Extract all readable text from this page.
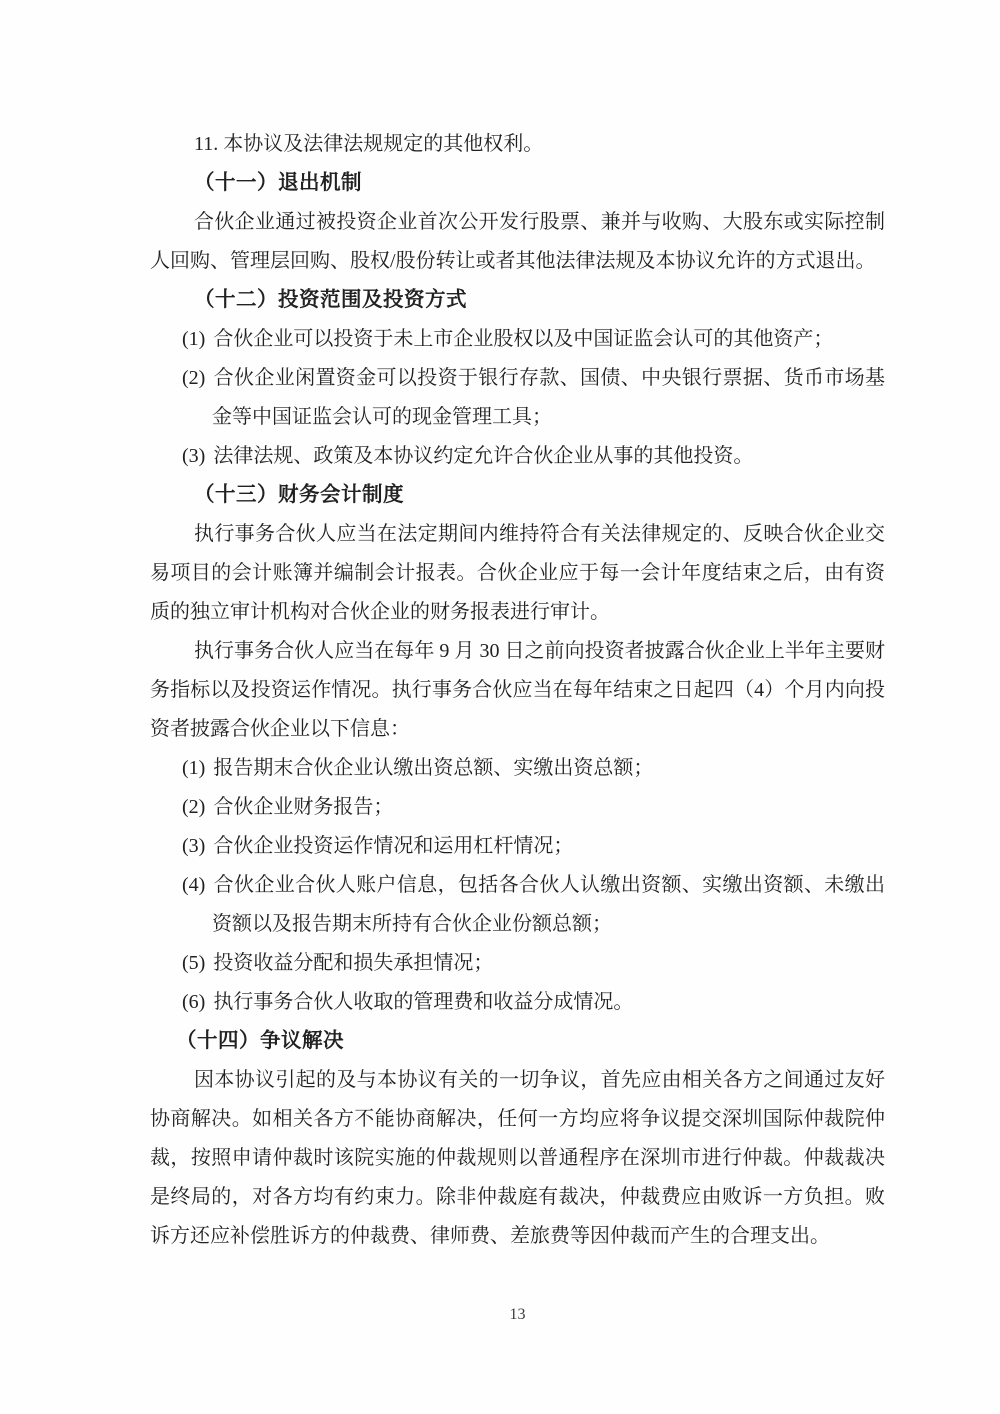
11. 本协议及法律法规规定的其他权利。

（十一）退出机制

合伙企业通过被投资企业首次公开发行股票、兼并与收购、大股东或实际控制人回购、管理层回购、股权/股份转让或者其他法律法规及本协议允许的方式退出。

（十二）投资范围及投资方式

(1) 合伙企业可以投资于未上市企业股权以及中国证监会认可的其他资产；

(2) 合伙企业闲置资金可以投资于银行存款、国债、中央银行票据、货币市场基金等中国证监会认可的现金管理工具；

(3) 法律法规、政策及本协议约定允许合伙企业从事的其他投资。

（十三）财务会计制度

执行事务合伙人应当在法定期间内维持符合有关法律规定的、反映合伙企业交易项目的会计账簿并编制会计报表。合伙企业应于每一会计年度结束之后，由有资质的独立审计机构对合伙企业的财务报表进行审计。

执行事务合伙人应当在每年 9 月 30 日之前向投资者披露合伙企业上半年主要财务指标以及投资运作情况。执行事务合伙应当在每年结束之日起四（4）个月内向投资者披露合伙企业以下信息：

(1) 报告期末合伙企业认缴出资总额、实缴出资总额；

(2) 合伙企业财务报告；

(3) 合伙企业投资运作情况和运用杠杆情况；

(4) 合伙企业合伙人账户信息，包括各合伙人认缴出资额、实缴出资额、未缴出资额以及报告期末所持有合伙企业份额总额；

(5) 投资收益分配和损失承担情况；

(6) 执行事务合伙人收取的管理费和收益分成情况。

（十四）争议解决

因本协议引起的及与本协议有关的一切争议，首先应由相关各方之间通过友好协商解决。如相关各方不能协商解决，任何一方均应将争议提交深圳国际仲裁院仲裁，按照申请仲裁时该院实施的仲裁规则以普通程序在深圳市进行仲裁。仲裁裁决是终局的，对各方均有约束力。除非仲裁庭有裁决，仲裁费应由败诉一方负担。败诉方还应补偿胜诉方的仲裁费、律师费、差旅费等因仲裁而产生的合理支出。

13
